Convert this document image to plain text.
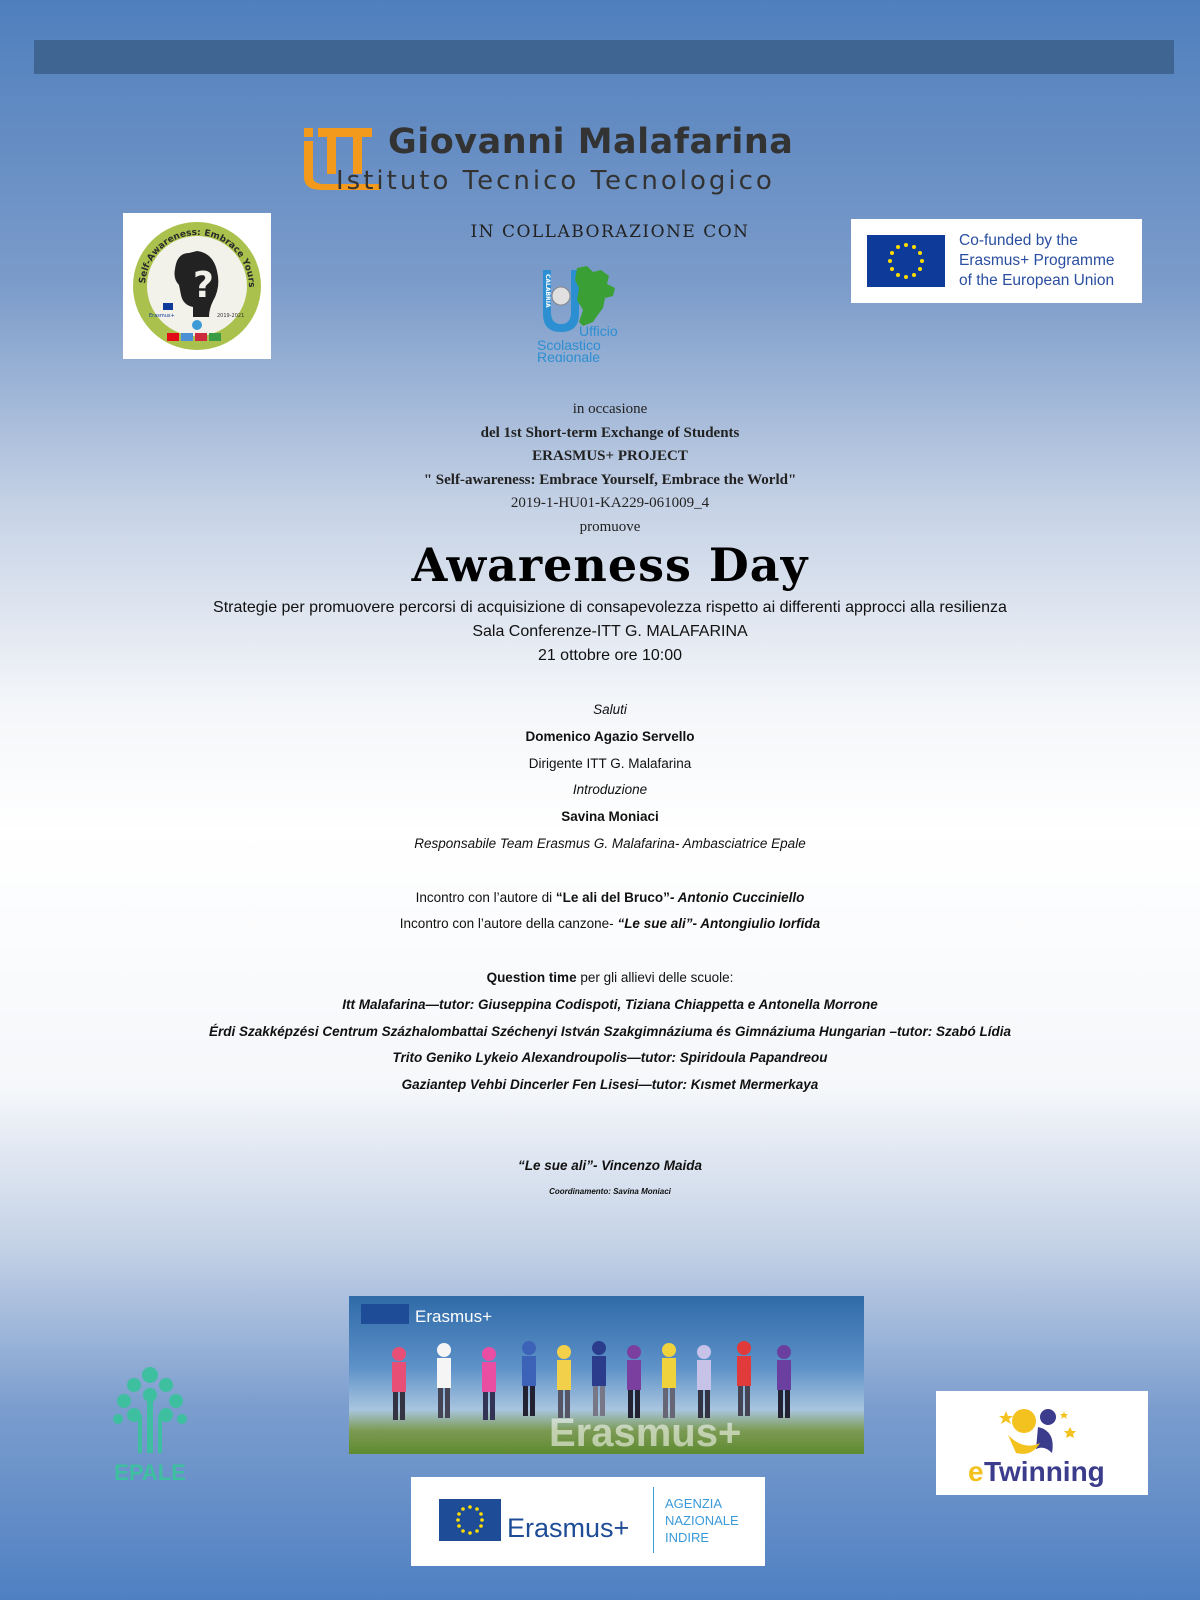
Giovanni Malafarina
Istituto Tecnico Tecnologico
IN COLLABORAZIONE CON
Self-Awareness: Embrace Yours
?
Erasmus+	2019-2021
Co-funded by the
Erasmus+ Programme
of the European Union
CALABRIA
Ufficio
Scolastico
Regionale
in occasione
del 1st Short-term Exchange of Students
ERASMUS+ PROJECT
" Self-awareness: Embrace Yourself, Embrace the World"
2019-1-HU01-KA229-061009_4
promuove
Awareness Day
Strategie per promuovere percorsi di acquisizione di consapevolezza rispetto ai differenti approcci alla resilienza
Sala Conferenze-ITT G. MALAFARINA
21 ottobre ore 10:00
Saluti
Domenico Agazio Servello
Dirigente ITT G. Malafarina
Introduzione
Savina Moniaci
Responsabile Team Erasmus G. Malafarina- Ambasciatrice Epale
Incontro con l’autore di “Le ali del Bruco”- Antonio Cucciniello
Incontro con l’autore della canzone- “Le sue ali”- Antongiulio Iorfida
Question time per gli allievi delle scuole:
Itt Malafarina—tutor: Giuseppina Codispoti, Tiziana Chiappetta e Antonella Morrone
Érdi Szakképzési Centrum Százhalombattai Széchenyi István Szakgimnáziuma és Gimnáziuma Hungarian –tutor: Szabó Lídia
Trito Geniko Lykeio Alexandroupolis—tutor: Spiridoula Papandreou
Gaziantep Vehbi Dincerler Fen Lisesi—tutor: Kısmet Mermerkaya
“Le sue ali”- Vincenzo Maida
Coordinamento: Savina Moniaci
Erasmus+
Erasmus+
Erasmus+
AGENZIA
NAZIONALE
INDIRE
e Twinning
EPALE
